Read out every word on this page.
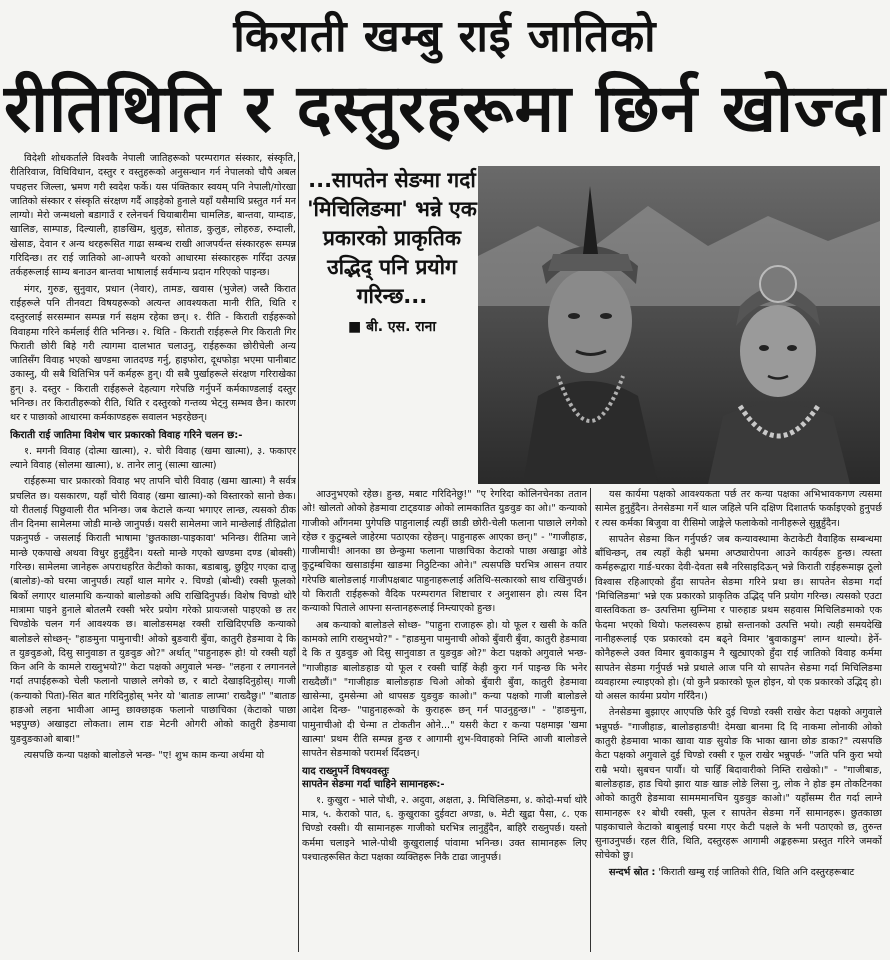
किराती खम्बु राई जातिको
रीतिथिति र दस्तुरहरूमा छिर्न खोज्दा

विदेशी शोधकर्तालेे विश्वकै नेपाली जातिहरूको परम्परागत संस्कार, संस्कृति, रीतिरिवाज, विधिविधान, दस्तुर र वस्तुहरूको अनुसन्धान गर्न नेपालको चौपै अबल पचहत्तर जिल्ला, भ्रमण गरी स्वदेश फर्के। यस पंक्तिकार स्वयम् पनि नेपाली/गोरखा जातिको संस्कार र संस्कृति संरक्षण गर्दै आइहेको हुनाले यहाँ यसैमाथि प्रस्तुत गर्न मन लाग्यो। मेरो जन्मथलो बडागाउँ र रलेनचर्न चियाबारीमा चामलिङ, बान्तवा, याम्दाङ, खालिङ, साम्पाङ, दिल्याली, हाङखिम, थुलुङ, सोताङ, कुलुङ, लोहरुङ, रुम्दाली, खेसाङ, देवान र अन्य थरहरूसित गाढा सम्बन्ध राखी आजपर्यन्त संस्कारहरू सम्पन्न गरिदिन्छ। तर राई जातिको आ-आफ्नै थरको आधारमा संस्कारहरू गरिँदा उत्पन्न तर्कहरूलाई साम्य बनाउन बान्तवा भाषालाई सर्वमान्य प्रदान गरिएको पाइन्छ।

मंगर, गुरुङ, सुनुवार, प्रधान (नेवार), तामङ, खवास (भुजेल) जस्तै किरात राईहरूले पनि तीनवटा विषयहरूको अत्यन्त आवश्यकता मानी रीति, थिति र दस्तुरलाई सरसम्मान सम्पन्न गर्न सक्षम रहेका छन्। १. रीति - किराती राईहरूको विवाहमा गरिने कर्मलाई रीति भनिन्छ। २. थिति - किराती राईहरूले गिर किराती गिर फिराती छोरी बिहे गरी त्यागमा दालभात चलाउनु, राईहरूका छोरीचेली अन्य जातिसँग विवाह भएको खण्डमा जातदण्ड गर्नु, हाइफोरा, दूधफोड़ा भएमा पानीबाट उकास्नु, यी सबै थितिभित्र पर्ने कर्महरू हुन्। यी सबै पुर्खाहरूले संरक्षण गरिराखेका हुन्। ३. दस्तुर - किराती राईहरूले देहत्याग गरेपछि गर्नुपर्ने कर्मकाण्डलाई दस्तुर भनिन्छ। तर किरातीहरूको रीति, थिति र दस्तुरको गन्तव्य भेट्नु सम्भव छैन। कारण थर र पाछाको आधारमा कर्मकाण्डहरू सवालन भइरहेछन्।

किराती राई जातिमा विशेष चार प्रकारको विवाह गरिने चलन छ:-

१. मगनी विवाह (दोत्मा खात्मा), २. चोरी विवाह (खमा खात्मा), ३. फकाएर ल्याने विवाह (सोलमा खात्मा), ४. तानेर लानु (सात्मा खात्मा)

राईहरूमा चार प्रकारको विवाह भए तापनि चोरी विवाह (खमा खात्मा) नै सर्वत्र प्रचलित छ। यसकारण, यहाँ चोरी विवाह (खमा खात्मा)-को विस्तारको सानो छेक। यो रीतलाई पिछुवाली रीत भनिन्छ। जब केटाले कन्या भगाएर लान्छ, त्यसको ठीक तीन दिनमा सामेलमा जोडी मान्छे जानुपर्छ। यसरी सामेलमा जाने मान्छेलाई तीहिद्रोता पक्रनुपर्छ - जसलाई किराती भाषामा 'छुतकाछा-पाइकावा' भनिन्छ। रीतिमा जाने मान्छे एकपाखे अथवा विधुर हुनुहुँदैन। यस्तो मान्छे गएको खण्डमा दण्ड (बोक्सी) गरिन्छ। सामेलमा जानेहरू अपराधहरित केटीको काका, बडाबाबु, छुट्टिए गएका दाजु (बालोङ)-को घरमा जानुपर्छ। त्यहाँ थाल मागेर २. चिण्डो (बोन्धी) रक्सी फूलको बिर्को लगाएर थालमाथि कन्याको बालोङको अघि राखिदिनुपर्छ। विशेष चिण्डो थोरै मात्रामा पाइने हुनाले बोतलमै रक्सी भरेर प्रयोग गरेको प्रायःजसो पाइएको छ तर चिण्डोके चलन गर्न आवश्यक छ। बालोङसमक्ष रक्सी राखिदिएपछि कन्याको बालोङले सोध्छन्- "हाङमुना पामुनाची! ओको बुङवारी बुँवा, कातुरी हेङमावा दे कि त युङवुङओ, दिसु सानुवाङा त युङवुङ ओ?" अर्थात् "पाहुनाहरू हो! यो रक्सी यहाँ किन अनि के कामले राख्नुभयो?" केटा पक्षको अगुवाले भन्छ- "लहना र लगाननले गर्दा तपाईहरूको चेली फलानो पाछाले लगेको छ, र बाटो देखाइदिनुहोस्। गाजी (कन्याको पिता)-सित बात गरिदिनुहोस् भनेर यो 'बाताङ लाप्मा' राख्दैछु।" "बाताङ हाङओ लहना भावीआ आम्नु छाक्छाइक फलानो पाछाचिका (केटाको पाछा भइपुग्छ) अखाइटा लोकता। लाम राङ मेटनी ओगरी ओको कातुरी हेङमावा युङवुङकाओ बाबा!"

त्यसपछि कन्या पक्षको बालोङले भन्छ- "ए! शुभ काम कन्या अर्थमा यो

...सापतेन सेङमा गर्दा 'मिचिलिङमा' भन्ने एक प्रकारको प्राकृतिक उद्भिद् पनि प्रयोग गरिन्छ...
■ बी. एस. राना

आउनुभएको रहेछ। हुन्छ, मबाट गरिदिनेछु!" "ए रेगरिदा कोलिनचेनका ततान ओ! खोलतो ओको हेङमावा टाट्डयाङ ओको लामकातित युङवुङ का ओ।" कन्याको गाजीको आँगनमा पुगेपछि पाहुनालाई त्यहीं छाडी छोरी-चेली फलाना पाछाले लगेको रहेछ र कुटुम्बले जाहेरमा पठाएका रहेछन्। पाहुनाहरू आएका छन्।" - "गाजीहाङ, गाजीमाची! आनका छा छेन्कुमा फलाना पाछाचिका केटाको पाछा अखाड्डा ओडे कुटुम्बचिका खसाडाईमा खाङमा निठुटिन्का ओने।" त्यसपछि घरभित्र आसन तयार गरेपछि बालोङलाई गाजीपक्षबाट पाहुनाहरूलाई अतिथि-सत्कारको साथ राखिनुपर्छ। यो किराती राईहरूको वैदिक परम्परागत शिष्टाचार र अनुशासन हो। त्यस दिन कन्याको पिताले आफ्ना सन्तानहरूलाई निम्त्याएको हुन्छ।

अब कन्याको बालोङले सोध्छ- "पाहुना राजाहरू हो। यो फूल र खसी के कति कामको लागि राख्नुभयो?" - "हाङमुना पामुनाची ओको बुँवारी बुँवा, कातुरी हेङमावा दे कि त युङवुङ ओ दिसु सानुवाङा त युङवुङ ओ?" केटा पक्षको अगुवाले भन्छ- "गाजीहाङ बालोङहाङ यो फूल र रक्सी चाहिँ केही कुरा गर्न पाइन्छ कि भनेर राख्दैछौं।" "गाजीहाङ बालोङहाङ चिओ ओको बुँवारी बुँवा, कातुरी हेङमावा खासेन्मा, दुमसेन्मा ओ थापसङ युङवुङ काओ।" कन्या पक्षको गाजी बालोङले आदेश दिन्छ- "पाहुनाहरूको के कुराहरू छन् गर्न पाउनुहुन्छ।" - "हाङमुना, पामुनाचीओ दी चेन्मा त टोकतीन ओने..." यसरी केटा र कन्या पक्षमाझ 'खमा खात्मा' प्रथम रीति सम्पन्न हुन्छ र आगामी शुभ-विवाहको निम्ति आजी बालोङले सापतेन सेङमाको परामर्श दिँदछन्।

याद राख्नुपर्ने विषयवस्तुः
सापतेन सेङमा गर्दा चाहिने सामानहरू:-

१. कुखुरा - भाले पोथी, २. अदुवा, अक्षता, ३. मिचिलिङमा, ४. कोदो-मर्चा थोरै मात्र, ५. केराको पात, ६. कुखुराका दुईवटा अण्डा, ७. मेटी खुद्रा पैसा, ८. एक चिण्डो रक्सी। यी सामानहरू गाजीको घरभित्र लानुहुँदैन, बाहिरै राख्नुपर्छ। यस्तो कर्ममा चलाइने भाले-पोथी कुखुरालाई पांवामा भनिन्छ। उक्त सामानहरू लिए पश्चात्हरूसित केटा पक्षका व्यक्तिहरू निकै टाढा जानुपर्छ।

यस कार्यमा पक्षको आवश्यकता पर्छ तर कन्या पक्षका अभिभावकगण त्यसमा सामेल हुनुहुँदैन। तेनसेङमा गर्ने थाल जहिले पनि दक्षिण दिशातर्फ फर्काइएको हुनुपर्छ र त्यस कर्मका बिजुवा वा रीसिमो जाङ्गेले फलाकेको नानीहरूले सुन्नुहुँदैन।

सापतेन सेङमा किन गर्नुपर्छ? जब कन्यावस्थामा केटाकेटी वैवाहिक सम्बन्धमा बाँधिन्छन्, तब त्यहाँ केही भ्रममा अप्ठ्यारोपना आउने कार्यहरू हुन्छ। त्यस्ता कर्महरूद्वारा गार्ड-घरका देवी-देवता सबै नरिसाइदिऊन् भन्ने किराती राईहरूमाझ ठूलो विश्वास रहिआएको हुँदा सापतेन सेङमा गरिने प्रथा छ। सापतेन सेङमा गर्दा 'मिचिलिङमा' भन्ने एक प्रकारको प्राकृतिक उद्भिद् पनि प्रयोग गरिन्छ। त्यसको एउटा वास्तविकता छ- उत्पत्तिमा सुम्निमा र पारुहाङ प्रथम सहवास मिचिलिङमाको एक फेदमा भएको थियो। फलस्वरूप हाम्रो सन्तानको उत्पत्ति भयो। त्यही समयदेखि नानीहरूलाई एक प्रकारको दम बढ्ने विमार 'बुवाकाङुम' लाग्न थाल्यो। हेर्ने-कोनैहरूले उक्त विमार बुवाकाङुम नै खुट्याएको हुँदा राई जातिको विवाह कर्ममा सापतेन सेङमा गर्नुपर्छ भन्ने प्रथाले आज पनि यो सापतेन सेङमा गर्दा मिचिलिङमा व्यवहारमा ल्याइएको हो। (यो कुनै प्रकारको फूल होइन, यो एक प्रकारको उद्भिद् हो। यो असल कार्यमा प्रयोग गरिँदैन।)

तेनसेङमा बुझाएर आएपछि फेरि दुई चिण्डो रक्सी राखेर केटा पक्षको अगुवाले भन्नुपर्छ- "गाजीहाङ, बालोङहाङपी! देमखा बानमा दि दि नाकमा लोनाकी ओको कातुरी हेङमावा भाका खावा याङ सुयोङ कि भाका खाना छोङ डाका?" त्यसपछि केटा पक्षको अगुवाले दुई चिण्डो रक्सी र फूल राखेर भन्नुपर्छ- "जति पनि कुरा भयो राम्रै भयो। सुबचन पार्यौ। यो चाहिँ बिदावारीको निम्ति राखेको।" - "गाजीबाङ, बालोङहाङ, हाड चियो झारा याङ खाङ लोङे लिसा नु, लोक ने होङ इम तोकटिनका ओको कातुरी हेङमावा सामममानचिन युङवुङ काओ।" यहाँसम्म रीत गर्दा लाग्ने सामानहरू १२ बोधी रक्सी, फूल र सापतेन सेङमा गर्ने सामानहरू। छुतकाछा पाइकाचाले केटाको बाबुलाई घरमा गएर केटी पक्षले के भनी पठाएको छ, तुरुन्त सुनाउनुपर्छ। रहल रीति, थिति, दस्तुरहरू आगामी अङ्कहरूमा प्रस्तुत गरिने जमर्को सोचेको छु।

सन्दर्भ स्रोत : 'किराती खम्बु राई जातिको रीति, थिति अनि दस्तुरहरूबाट
